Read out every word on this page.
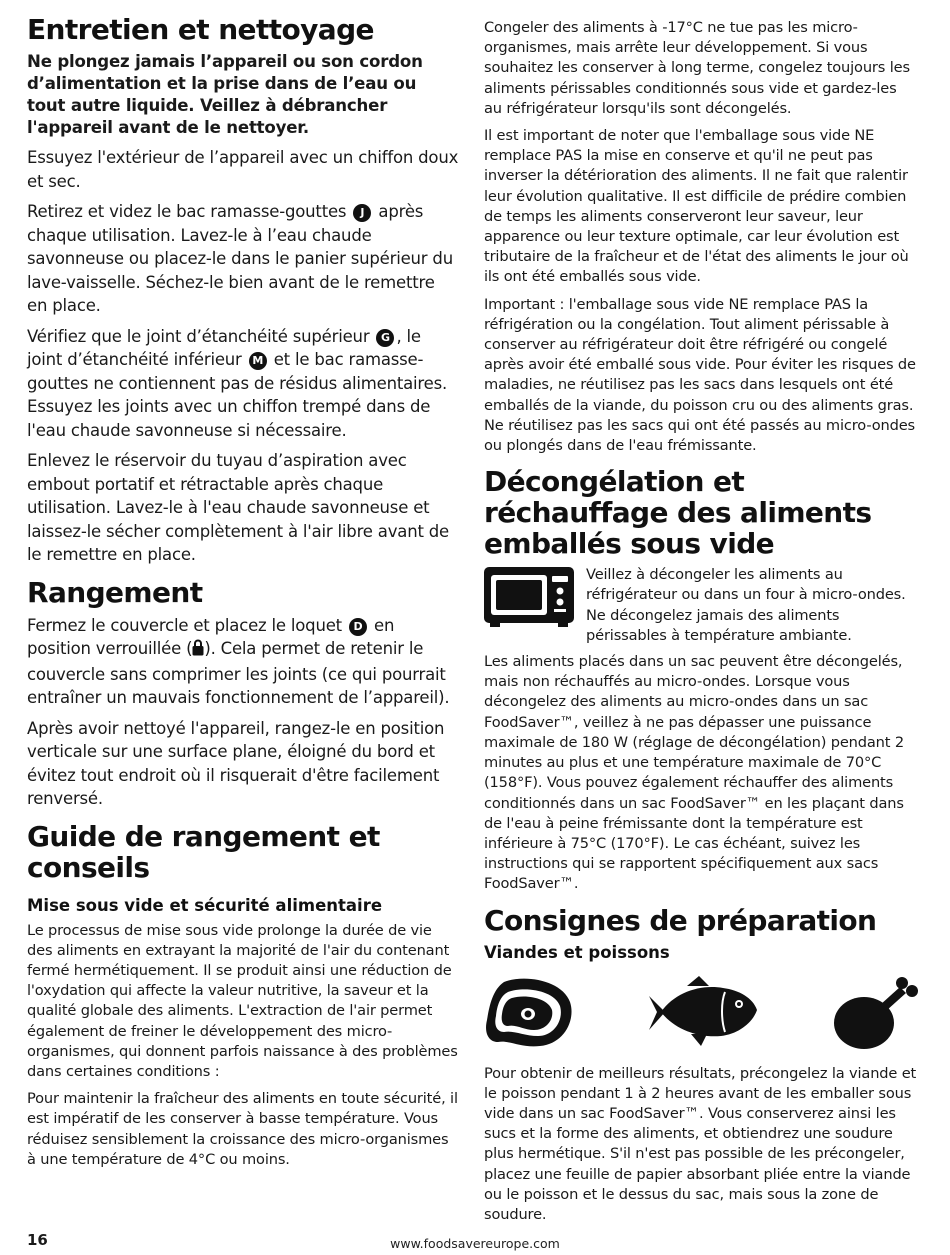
Entretien et nettoyage

Ne plongez jamais l’appareil ou son cordon d’alimentation et la prise dans de l’eau ou tout autre liquide. Veillez à débrancher l'appareil avant de le nettoyer.

Essuyez l'extérieur de l’appareil avec un chiffon doux et sec.

Retirez et videz le bac ramasse-gouttes J après chaque utilisation. Lavez-le à l’eau chaude savonneuse ou placez-le dans le panier supérieur du lave-vaisselle. Séchez-le bien avant de le remettre en place.

Vérifiez que le joint d’étanchéité supérieur G , le joint d’étanchéité inférieur M et le bac ramasse-gouttes ne contiennent pas de résidus alimentaires. Essuyez les joints avec un chiffon trempé dans de l'eau chaude savonneuse si nécessaire.

Enlevez le réservoir du tuyau d’aspiration avec embout portatif et rétractable après chaque utilisation. Lavez-le à l'eau chaude savonneuse et laissez-le sécher complètement à l'air libre avant de le remettre en place.

Rangement

Fermez le couvercle et placez le loquet D en position verrouillée ( ). Cela permet de retenir le couvercle sans comprimer les joints (ce qui pourrait entraîner un mauvais fonctionnement de l’appareil).

Après avoir nettoyé l'appareil, rangez-le en position verticale sur une surface plane, éloigné du bord et évitez tout endroit où il risquerait d'être facilement renversé.

Guide de rangement et conseils
Mise sous vide et sécurité alimentaire

Le processus de mise sous vide prolonge la durée de vie des aliments en extrayant la majorité de l'air du contenant fermé hermétiquement. Il se produit ainsi une réduction de l'oxydation qui affecte la valeur nutritive, la saveur et la qualité globale des aliments. L'extraction de l'air permet également de freiner le développement des micro-organismes, qui donnent parfois naissance à des problèmes dans certaines conditions :

Pour maintenir la fraîcheur des aliments en toute sécurité, il est impératif de les conserver à basse température. Vous réduisez sensiblement la croissance des micro-organismes à une température de 4°C ou moins.

Congeler des aliments à -17°C ne tue pas les micro-organismes, mais arrête leur développement. Si vous souhaitez les conserver à long terme, congelez toujours les aliments périssables conditionnés sous vide et gardez-les au réfrigérateur lorsqu'ils sont décongelés.

Il est important de noter que l'emballage sous vide NE remplace PAS la mise en conserve et qu'il ne peut pas inverser la détérioration des aliments. Il ne fait que ralentir leur évolution qualitative. Il est difficile de prédire combien de temps les aliments conserveront leur saveur, leur apparence ou leur texture optimale, car leur évolution est tributaire de la fraîcheur et de l'état des aliments le jour où ils ont été emballés sous vide.

Important : l'emballage sous vide NE remplace PAS la réfrigération ou la congélation. Tout aliment périssable à conserver au réfrigérateur doit être réfrigéré ou congelé après avoir été emballé sous vide. Pour éviter les risques de maladies, ne réutilisez pas les sacs dans lesquels ont été emballés de la viande, du poisson cru ou des aliments gras. Ne réutilisez pas les sacs qui ont été passés au micro-ondes ou plongés dans de l'eau frémissante.

Décongélation et réchauffage des aliments emballés sous vide

Veillez à décongeler les aliments au réfrigérateur ou dans un four à micro-ondes. Ne décongelez jamais des aliments périssables à température ambiante.

Les aliments placés dans un sac peuvent être décongelés, mais non réchauffés au micro-ondes. Lorsque vous décongelez des aliments au micro-ondes dans un sac FoodSaver™, veillez à ne pas dépasser une puissance maximale de 180 W (réglage de décongélation) pendant 2 minutes au plus et une température maximale de 70°C (158°F). Vous pouvez également réchauffer des aliments conditionnés dans un sac FoodSaver™ en les plaçant dans de l'eau à peine frémissante dont la température est inférieure à 75°C (170°F). Le cas échéant, suivez les instructions qui se rapportent spécifiquement aux sacs FoodSaver™.

Consignes de préparation
Viandes et poissons

Pour obtenir de meilleurs résultats, précongelez la viande et le poisson pendant 1 à 2 heures avant de les emballer sous vide dans un sac FoodSaver™. Vous conserverez ainsi les sucs et la forme des aliments, et obtiendrez une soudure plus hermétique. S'il n'est pas possible de les précongeler, placez une feuille de papier absorbant pliée entre la viande ou le poisson et le dessus du sac, mais sous la zone de soudure.

16	www.foodsavereurope.com
